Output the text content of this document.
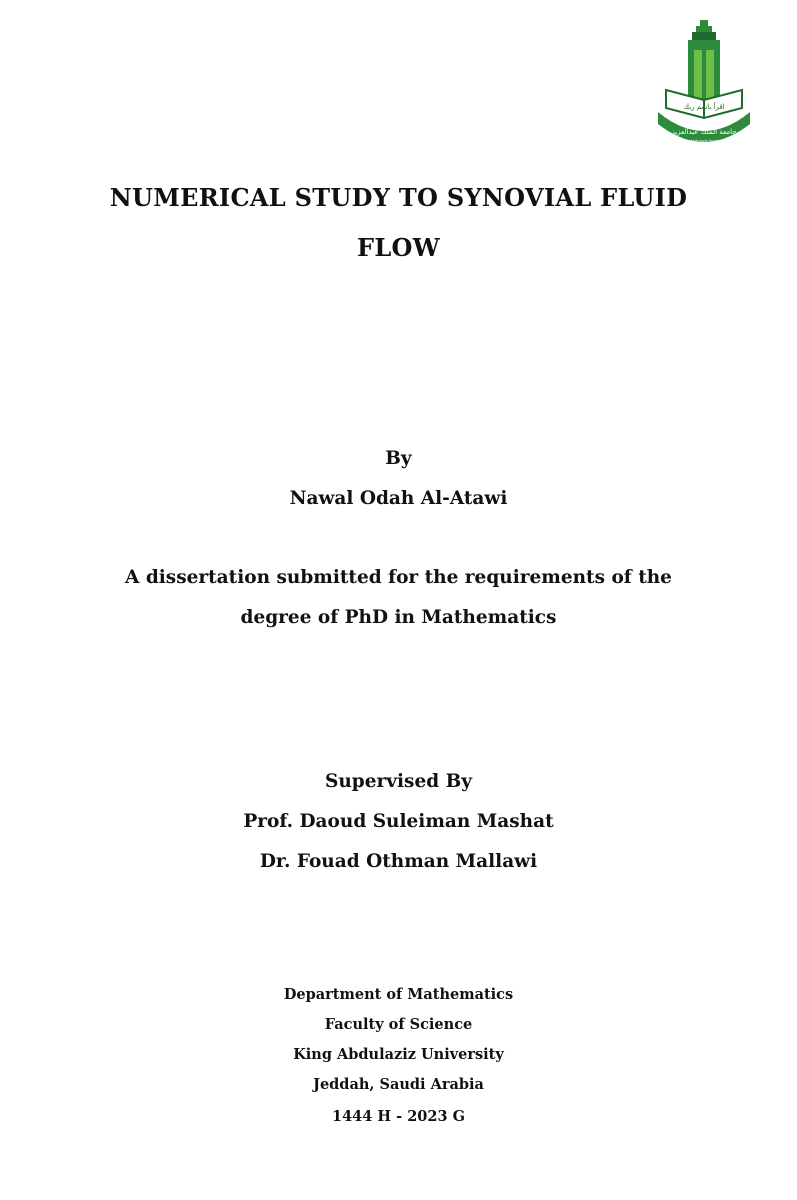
اقرأ باسم ربك
جامعة الملك عبدالعزيز
King Abdulaziz University
NUMERICAL STUDY TO SYNOVIAL FLUID
FLOW
By
Nawal Odah Al-Atawi
A dissertation submitted for the requirements of the
degree of PhD in Mathematics
Supervised By
Prof. Daoud Suleiman Mashat
Dr. Fouad Othman Mallawi
Department of Mathematics
Faculty of Science
King Abdulaziz University
Jeddah, Saudi Arabia
1444 H - 2023 G
